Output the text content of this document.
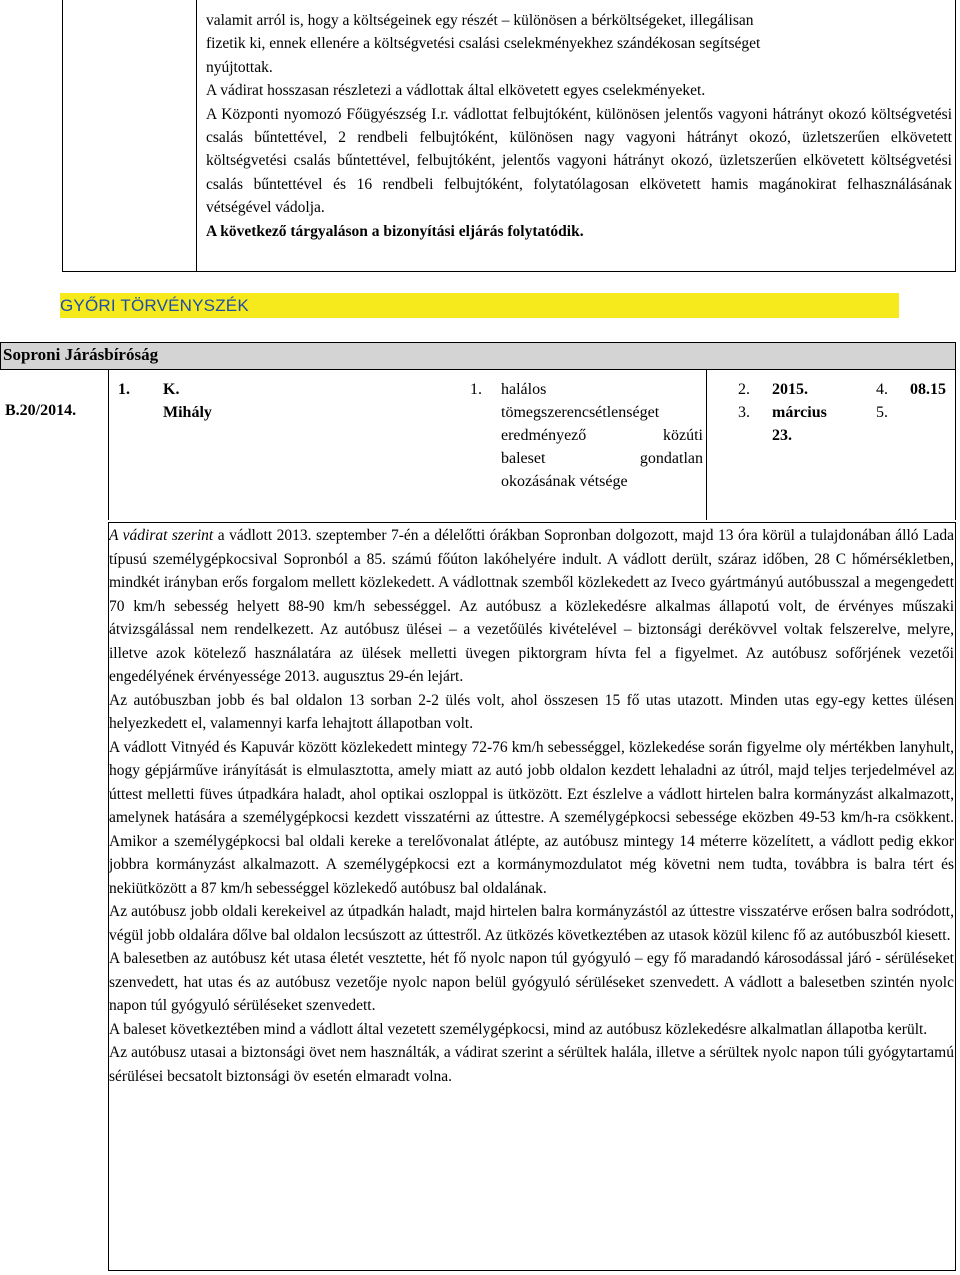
valamit arról is, hogy a költségeinek egy részét – különösen a bérköltségeket, illegálisan

fizetik ki, ennek ellenére a költségvetési csalási cselekményekhez szándékosan segítséget

nyújtottak.

A vádirat hosszasan részletezi a vádlottak által elkövetett egyes cselekményeket.

A Központi nyomozó Főügyészség I.r. vádlottat felbujtóként, különösen jelentős vagyoni hátrányt okozó költségvetési csalás bűntettével, 2 rendbeli felbujtóként, különösen nagy vagyoni hátrányt okozó, üzletszerűen elkövetett költségvetési csalás bűntettével, felbujtóként, jelentős vagyoni hátrányt okozó, üzletszerűen elkövetett költségvetési csalás bűntettével és 16 rendbeli felbujtóként, folytatólagosan elkövetett hamis magánokirat felhasználásának vétségével vádolja.

A következő tárgyaláson a bizonyítási eljárás folytatódik.

GYŐRI TÖRVÉNYSZÉK
Soproni Járásbíróság
B.20/2014.
1. K.
Mihály
1. halálos
tömegszerencsétlenséget
eredményező közúti
baleset gondatlan
okozásának vétsége
2.
3.
2015.
március
23.
4.
5.
08.15

A vádirat szerint a vádlott 2013. szeptember 7-én a délelőtti órákban Sopronban dolgozott, majd 13 óra körül a tulajdonában álló Lada típusú személygépkocsival Sopronból a 85. számú főúton lakóhelyére indult. A vádlott derült, száraz időben, 28 C hőmérsékletben, mindkét irányban erős forgalom mellett közlekedett. A vádlottnak szemből közlekedett az Iveco gyártmányú autóbusszal a megengedett 70 km/h sebesség helyett 88-90 km/h sebességgel. Az autóbusz a közlekedésre alkalmas állapotú volt, de érvényes műszaki átvizsgálással nem rendelkezett. Az autóbusz ülései – a vezetőülés kivételével – biztonsági derékövvel voltak felszerelve, melyre, illetve azok kötelező használatára az ülések melletti üvegen piktorgram hívta fel a figyelmet. Az autóbusz sofőrjének vezetői engedélyének érvényessége 2013. augusztus 29-én lejárt.

Az autóbuszban jobb és bal oldalon 13 sorban 2-2 ülés volt, ahol összesen 15 fő utas utazott. Minden utas egy-egy kettes ülésen helyezkedett el, valamennyi karfa lehajtott állapotban volt.

A vádlott Vitnyéd és Kapuvár között közlekedett mintegy 72-76 km/h sebességgel, közlekedése során figyelme oly mértékben lanyhult, hogy gépjárműve irányítását is elmulasztotta, amely miatt az autó jobb oldalon kezdett lehaladni az útról, majd teljes terjedelmével az úttest melletti füves útpadkára haladt, ahol optikai oszloppal is ütközött. Ezt észlelve a vádlott hirtelen balra kormányzást alkalmazott, amelynek hatására a személygépkocsi kezdett visszatérni az úttestre. A személygépkocsi sebessége eközben 49-53 km/h-ra csökkent. Amikor a személygépkocsi bal oldali kereke a terelővonalat átlépte, az autóbusz mintegy 14 méterre közelített, a vádlott pedig ekkor jobbra kormányzást alkalmazott. A személygépkocsi ezt a kormánymozdulatot még követni nem tudta, továbbra is balra tért és nekiütközött a 87 km/h sebességgel közlekedő autóbusz bal oldalának.

Az autóbusz jobb oldali kerekeivel az útpadkán haladt, majd hirtelen balra kormányzástól az úttestre visszatérve erősen balra sodródott, végül jobb oldalára dőlve bal oldalon lecsúszott az úttestről. Az ütközés következtében az utasok közül kilenc fő az autóbuszból kiesett.

A balesetben az autóbusz két utasa életét vesztette, hét fő nyolc napon túl gyógyuló – egy fő maradandó károsodással járó - sérüléseket szenvedett, hat utas és az autóbusz vezetője nyolc napon belül gyógyuló sérüléseket szenvedett. A vádlott a balesetben szintén nyolc napon túl gyógyuló sérüléseket szenvedett.

A baleset következtében mind a vádlott által vezetett személygépkocsi, mind az autóbusz közlekedésre alkalmatlan állapotba került.

Az autóbusz utasai a biztonsági övet nem használták, a vádirat szerint a sérültek halála, illetve a sérültek nyolc napon túli gyógytartamú sérülései becsatolt biztonsági öv esetén elmaradt volna.
